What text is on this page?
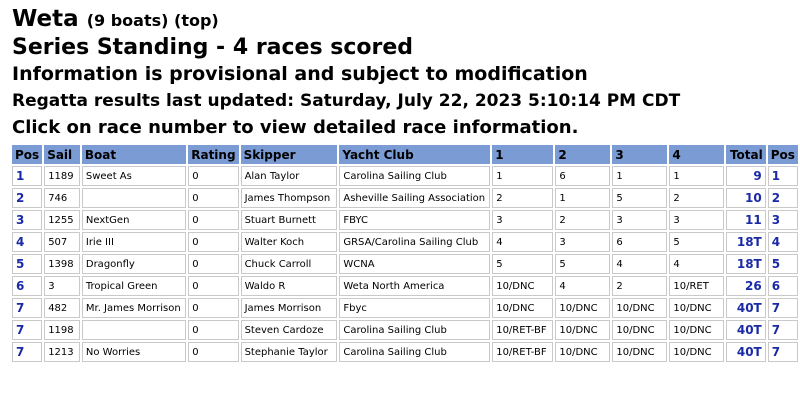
Weta (9 boats) (top)
Series Standing - 4 races scored
Information is provisional and subject to modification
Regatta results last updated: Saturday, July 22, 2023 5:10:14 PM CDT
Click on race number to view detailed race information.
Pos	Sail	Boat	Rating	Skipper	Yacht Club	1	2	3	4	Total	Pos
1	1189	Sweet As	0	Alan Taylor	Carolina Sailing Club	1	6	1	1	9	1
2	746		0	James Thompson	Asheville Sailing Association	2	1	5	2	10	2
3	1255	NextGen	0	Stuart Burnett	FBYC	3	2	3	3	11	3
4	507	Irie III	0	Walter Koch	GRSA/Carolina Sailing Club	4	3	6	5	18T	4
5	1398	Dragonfly	0	Chuck Carroll	WCNA	5	5	4	4	18T	5
6	3	Tropical Green	0	Waldo R	Weta North America	10/DNC	4	2	10/RET	26	6
7	482	Mr. James Morrison	0	James Morrison	Fbyc	10/DNC	10/DNC	10/DNC	10/DNC	40T	7
7	1198		0	Steven Cardoze	Carolina Sailing Club	10/RET-BF	10/DNC	10/DNC	10/DNC	40T	7
7	1213	No Worries	0	Stephanie Taylor	Carolina Sailing Club	10/RET-BF	10/DNC	10/DNC	10/DNC	40T	7
